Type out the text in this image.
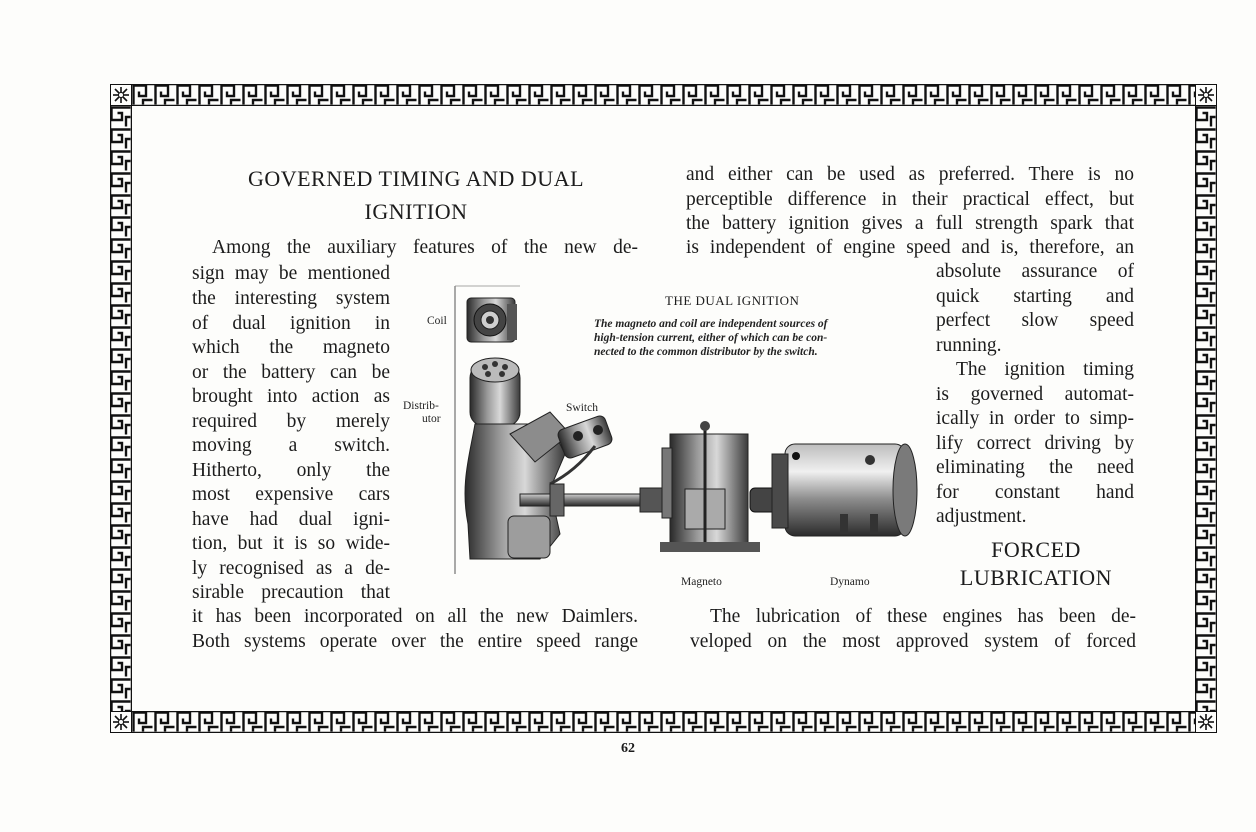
GOVERNED TIMING AND DUAL
IGNITION
Among the auxiliary features of the new de-
sign may be mentioned
the interesting system
of dual ignition in
which the magneto
or the battery can be
brought into action as
required by merely
moving a switch.
Hitherto, only the
most expensive cars
have had dual igni-
tion, but it is so wide-
ly recognised as a de-
sirable precaution that
it has been incorporated on all the new Daimlers.
Both systems operate over the entire speed range
and either can be used as preferred. There is no
perceptible difference in their practical effect, but
the battery ignition gives a full strength spark that
is independent of engine speed and is, therefore, an
absolute assurance of
quick starting and
perfect slow speed
running.
The ignition timing
is governed automat-
ically in order to simp-
lify correct driving by
eliminating the need
for constant hand
adjustment.
FORCED
LUBRICATION
The lubrication of these engines has been de-
veloped on the most approved system of forced
Coil
Distrib-
utor
Switch
Magneto	Dynamo
THE DUAL IGNITION
The magneto and coil are independent sources of
high-tension current, either of which can be con-
nected to the common distributor by the switch.
62
